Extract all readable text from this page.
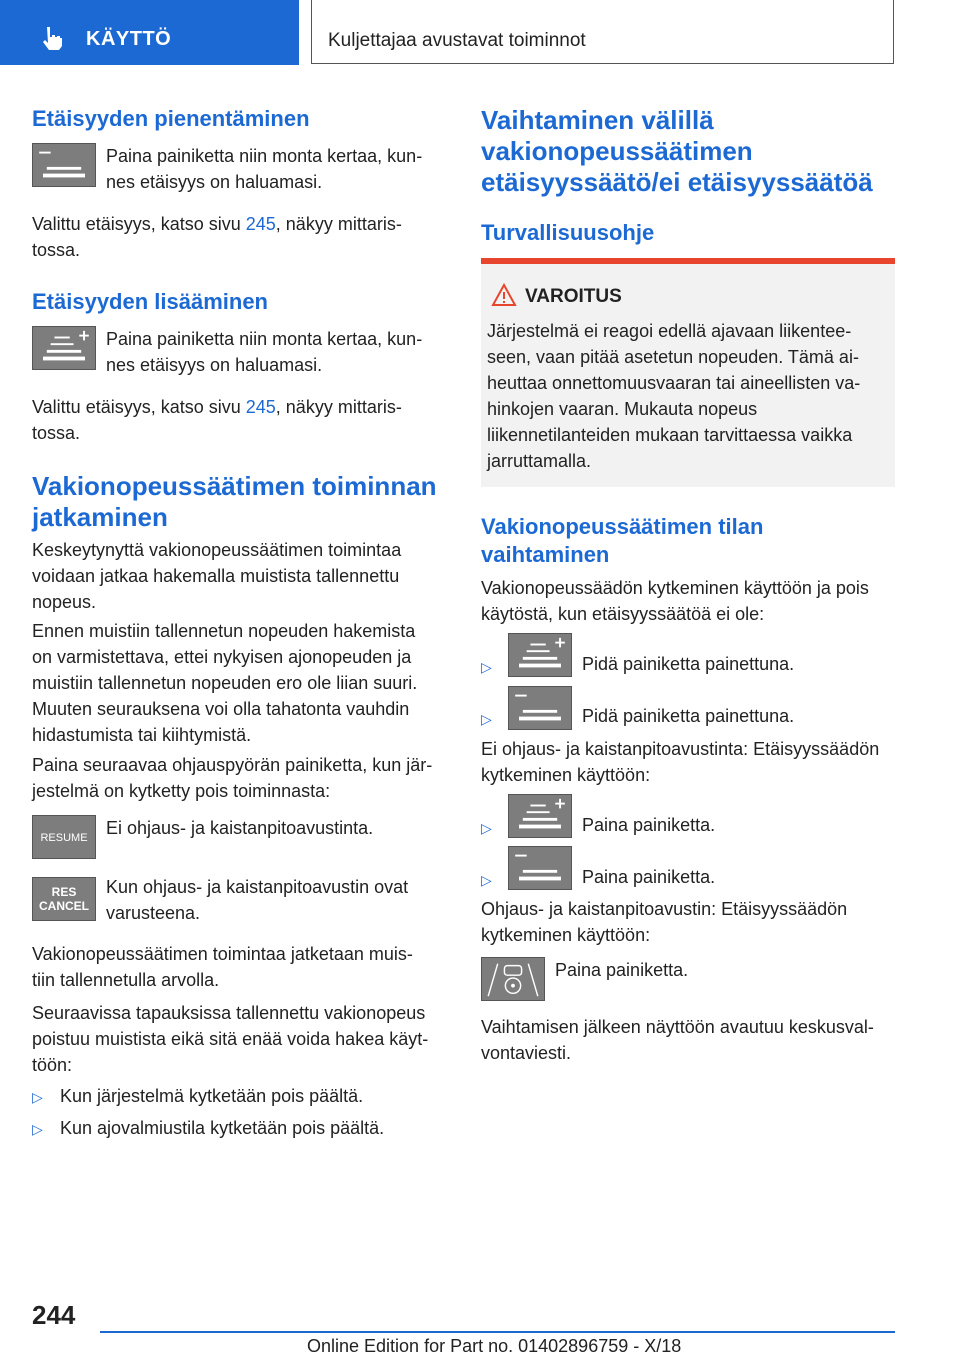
KÄYTTÖ	Kuljettajaa avustavat toiminnot
Etäisyyden pienentäminen
Paina painiketta niin monta kertaa, kun-
nes etäisyys on haluamasi.
Valittu etäisyys, katso sivu 245, näkyy mittaris-
tossa.
Etäisyyden lisääminen
Paina painiketta niin monta kertaa, kun-
nes etäisyys on haluamasi.
Valittu etäisyys, katso sivu 245, näkyy mittaris-
tossa.
Vakionopeussäätimen toiminnan
jatkaminen
Keskeytynyttä vakionopeussäätimen toimintaa
voidaan jatkaa hakemalla muistista tallennettu
nopeus.
Ennen muistiin tallennetun nopeuden hakemista
on varmistettava, ettei nykyisen ajonopeuden ja
muistiin tallennetun nopeuden ero ole liian suuri.
Muuten seurauksena voi olla tahatonta vauhdin
hidastumista tai kiihtymistä.
Paina seuraavaa ohjauspyörän painiketta, kun jär-
jestelmä on kytketty pois toiminnasta:
RESUME	Ei ohjaus- ja kaistanpitoavustinta.
RES
CANCEL
Kun ohjaus- ja kaistanpitoavustin ovat
varusteena.
Vakionopeussäätimen toimintaa jatketaan muis-
tiin tallennetulla arvolla.
Seuraavissa tapauksissa tallennettu vakionopeus
poistuu muistista eikä sitä enää voida hakea käyt-
töön:
▷ Kun järjestelmä kytketään pois päältä.
▷ Kun ajovalmiustila kytketään pois päältä.
Vaihtaminen välillä
vakionopeussäätimen
etäisyyssäätö/ei etäisyyssäätöä
Turvallisuusohje
VAROITUS
Järjestelmä ei reagoi edellä ajavaan liikentee-
seen, vaan pitää asetetun nopeuden. Tämä ai-
heuttaa onnettomuusvaaran tai aineellisten va-
hinkojen vaaran. Mukauta nopeus
liikennetilanteiden mukaan tarvittaessa vaikka
jarruttamalla.
Vakionopeussäätimen tilan
vaihtaminen
Vakionopeussäädön kytkeminen käyttöön ja pois
käytöstä, kun etäisyyssäätöä ei ole:
▷	Pidä painiketta painettuna.
▷	Pidä painiketta painettuna.
Ei ohjaus- ja kaistanpitoavustinta: Etäisyyssäädön
kytkeminen käyttöön:
▷	Paina painiketta.
▷	Paina painiketta.
Ohjaus- ja kaistanpitoavustin: Etäisyyssäädön
kytkeminen käyttöön:
Paina painiketta.
Vaihtamisen jälkeen näyttöön avautuu keskusval-
vontaviesti.
244
Online Edition for Part no. 01402896759 - X/18
